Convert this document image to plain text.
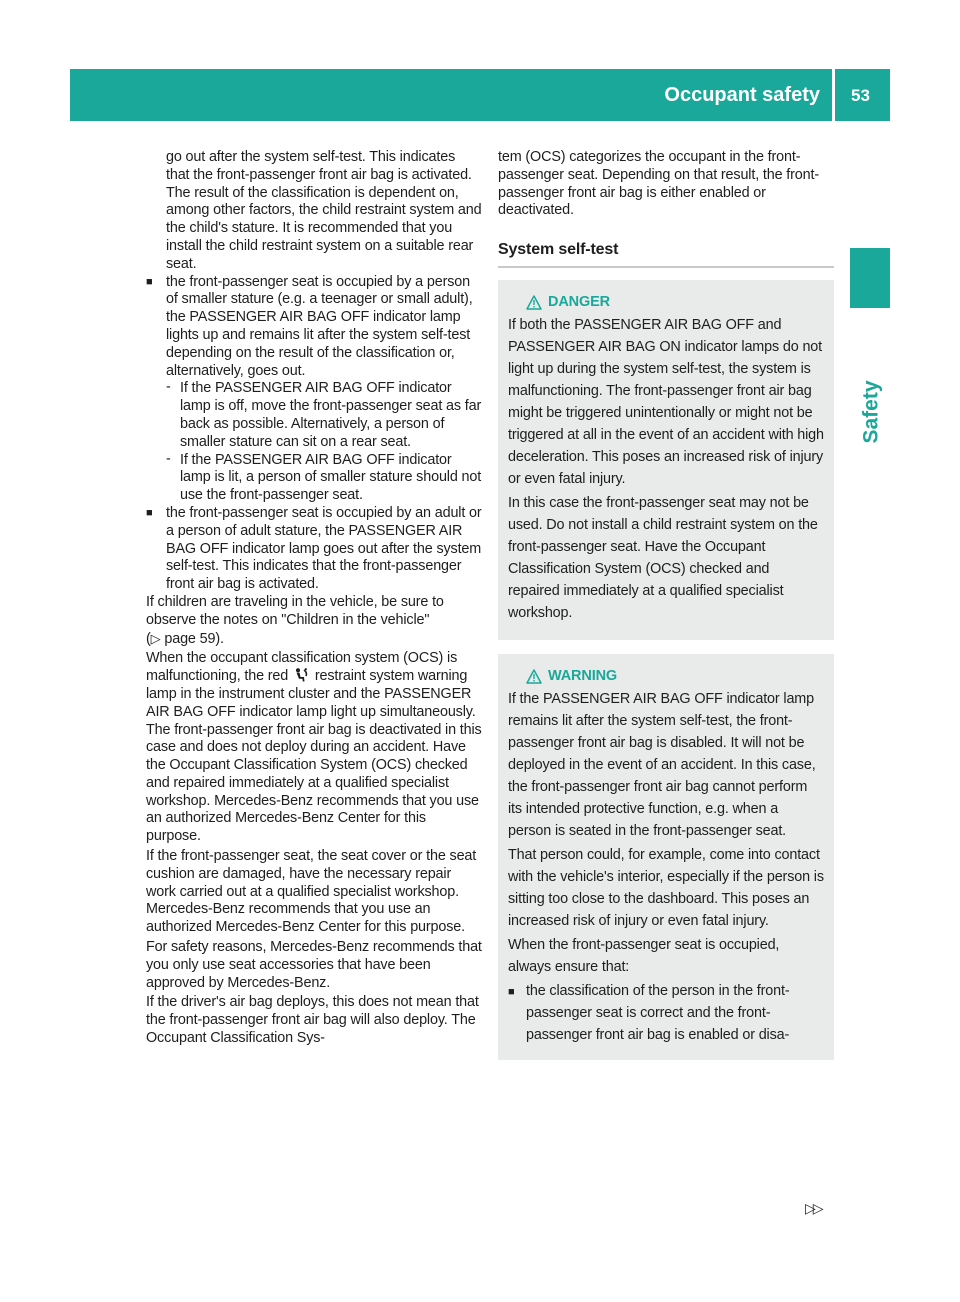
Occupant safety 53
Safety

go out after the system self-test. This indicates that the front-passenger front air bag is activated. The result of the classification is dependent on, among other factors, the child restraint system and the child's stature. It is recommended that you install the child restraint system on a suitable rear seat.

■ the front-passenger seat is occupied by a person of smaller stature (e.g. a teenager or small adult), the PASSENGER AIR BAG OFF indicator lamp lights up and remains lit after the system self-test depending on the result of the classification or, alternatively, goes out.
- If the PASSENGER AIR BAG OFF indicator lamp is off, move the front-passenger seat as far back as possible. Alternatively, a person of smaller stature can sit on a rear seat.
- If the PASSENGER AIR BAG OFF indicator lamp is lit, a person of smaller stature should not use the front-passenger seat.
■ the front-passenger seat is occupied by an adult or a person of adult stature, the PASSENGER AIR BAG OFF indicator lamp goes out after the system self-test. This indicates that the front-passenger front air bag is activated.

If children are traveling in the vehicle, be sure to observe the notes on "Children in the vehicle"
(▷ page 59).

When the occupant classification system (OCS) is malfunctioning, the red restraint system warning lamp in the instrument cluster and the PASSENGER AIR BAG OFF indicator lamp light up simultaneously. The front-passenger front air bag is deactivated in this case and does not deploy during an accident. Have the Occupant Classification System (OCS) checked and repaired immediately at a qualified specialist workshop. Mercedes-Benz recommends that you use an authorized Mercedes-Benz Center for this purpose.

If the front-passenger seat, the seat cover or the seat cushion are damaged, have the necessary repair work carried out at a qualified specialist workshop. Mercedes-Benz recommends that you use an authorized Mercedes-Benz Center for this purpose.

For safety reasons, Mercedes-Benz recommends that you only use seat accessories that have been approved by Mercedes-Benz.

If the driver's air bag deploys, this does not mean that the front-passenger front air bag will also deploy. The Occupant Classification Sys-

tem (OCS) categorizes the occupant in the front-passenger seat. Depending on that result, the front-passenger front air bag is either enabled or deactivated.

System self-test
DANGER

If both the PASSENGER AIR BAG OFF and PASSENGER AIR BAG ON indicator lamps do not light up during the system self-test, the system is malfunctioning. The front-passenger front air bag might be triggered unintentionally or might not be triggered at all in the event of an accident with high deceleration. This poses an increased risk of injury or even fatal injury.

In this case the front-passenger seat may not be used. Do not install a child restraint system on the front-passenger seat. Have the Occupant Classification System (OCS) checked and repaired immediately at a qualified specialist workshop.

WARNING

If the PASSENGER AIR BAG OFF indicator lamp remains lit after the system self-test, the front-passenger front air bag is disabled. It will not be deployed in the event of an accident. In this case, the front-passenger front air bag cannot perform its intended protective function, e.g. when a person is seated in the front-passenger seat.

That person could, for example, come into contact with the vehicle's interior, especially if the person is sitting too close to the dashboard. This poses an increased risk of injury or even fatal injury.

When the front-passenger seat is occupied, always ensure that:

■ the classification of the person in the front-passenger seat is correct and the front-passenger front air bag is enabled or disa-
▷▷
